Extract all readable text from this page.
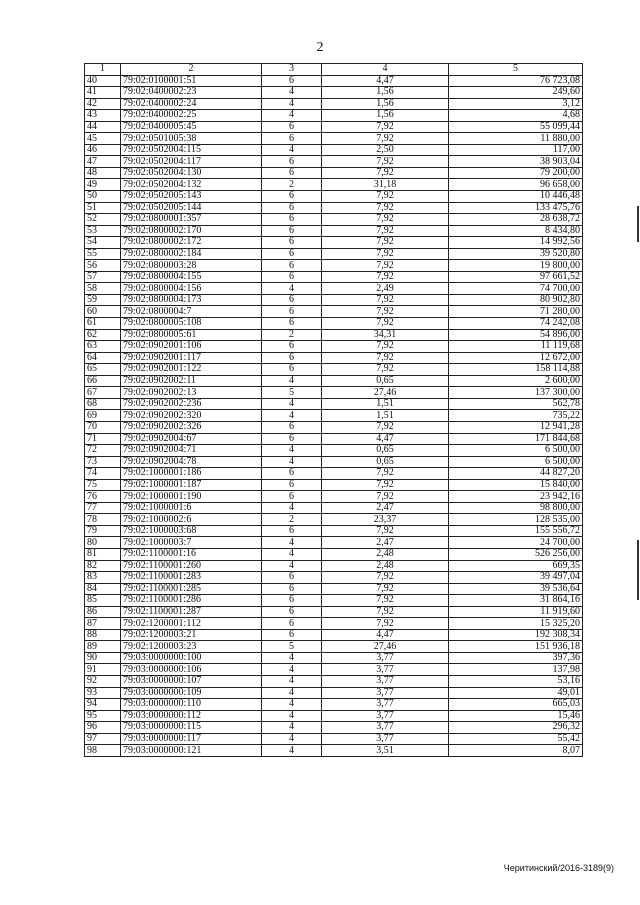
2
1	2	3	4	5
40	79:02:0100001:51	6	4,47	76 723,08
41	79:02:0400002:23	4	1,56	249,60
42	79:02:0400002:24	4	1,56	3,12
43	79:02:0400002:25	4	1,56	4,68
44	79:02:0400005:45	6	7,92	55 099,44
45	79:02:0501005:38	6	7,92	11 880,00
46	79:02:0502004:115	4	2,50	117,00
47	79:02:0502004:117	6	7,92	38 903,04
48	79:02:0502004:130	6	7,92	79 200,00
49	79:02:0502004:132	2	31,18	96 658,00
50	79:02:0502005:143	6	7,92	10 446,48
51	79:02:0502005:144	6	7,92	133 475,76
52	79:02:0800001:357	6	7,92	28 638,72
53	79:02:0800002:170	6	7,92	8 434,80
54	79:02:0800002:172	6	7,92	14 992,56
55	79:02:0800002:184	6	7,92	39 520,80
56	79:02:0800003:28	6	7,92	19 800,00
57	79:02:0800004:155	6	7,92	97 661,52
58	79:02:0800004:156	4	2,49	74 700,00
59	79:02:0800004:173	6	7,92	80 902,80
60	79:02:0800004:7	6	7,92	71 280,00
61	79:02:0800005:108	6	7,92	74 242,08
62	79:02:0800005:61	2	34,31	54 896,00
63	79:02:0902001:106	6	7,92	11 119,68
64	79:02:0902001:117	6	7,92	12 672,00
65	79:02:0902001:122	6	7,92	158 114,88
66	79:02:0902002:11	4	0,65	2 600,00
67	79:02:0902002:13	5	27,46	137 300,00
68	79:02:0902002:236	4	1,51	562,78
69	79:02:0902002:320	4	1,51	735,22
70	79:02:0902002:326	6	7,92	12 941,28
71	79:02:0902004:67	6	4,47	171 844,68
72	79:02:0902004:71	4	0,65	6 500,00
73	79:02:0902004:78	4	0,65	6 500,00
74	79:02:1000001:186	6	7,92	44 827,20
75	79:02:1000001:187	6	7,92	15 840,00
76	79:02:1000001:190	6	7,92	23 942,16
77	79:02:1000001:6	4	2,47	98 800,00
78	79:02:1000002:6	2	23,37	128 535,00
79	79:02:1000003:68	6	7,92	155 556,72
80	79:02:1000003:7	4	2,47	24 700,00
81	79:02:1100001:16	4	2,48	526 256,00
82	79:02:1100001:260	4	2,48	669,35
83	79:02:1100001:283	6	7,92	39 497,04
84	79:02:1100001:285	6	7,92	39 536,64
85	79:02:1100001:286	6	7,92	31 864,16
86	79:02:1100001:287	6	7,92	11 919,60
87	79:02:1200001:112	6	7,92	15 325,20
88	79:02:1200003:21	6	4,47	192 308,34
89	79:02:1200003:23	5	27,46	151 936,18
90	79:03:0000000:100	4	3,77	397,36
91	79:03:0000000:106	4	3,77	137,98
92	79:03:0000000:107	4	3,77	53,16
93	79:03:0000000:109	4	3,77	49,01
94	79:03:0000000:110	4	3,77	665,03
95	79:03:0000000:112	4	3,77	15,46
96	79:03:0000000:115	4	3,77	296,32
97	79:03:0000000:117	4	3,77	55,42
98	79:03:0000000:121	4	3,51	8,07
Черитинский/2016-3189(9)
